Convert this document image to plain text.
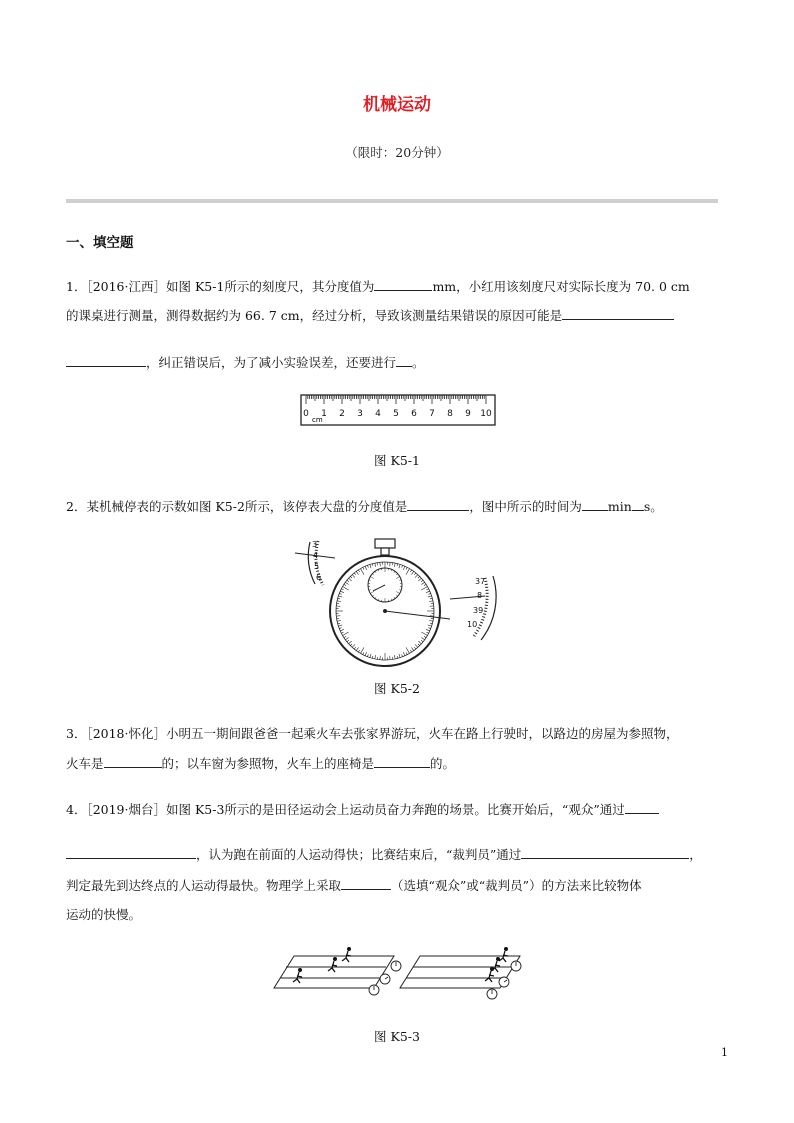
机械运动
（限时：20分钟）
一、填空题
1．［2016·江西］如图 K5-1所示的刻度尺，其分度值为	mm，小红用该刻度尺对实际长度为 70. 0 cm
的课桌进行测量，测得数据约为 66. 7 cm，经过分析，导致该测量结果错误的原因可能是
，纠正错误后，为了减小实验误差，还要进行 。
0 1 2 3 4 5 6 7 8 9 10
cm
图 K5-1
2．某机械停表的示数如图 K5-2所示，该停表大盘的分度值是	，图中所示的时间为 min s。
3
4
5
6	37
8
39
10
图 K5-2
3．［2018·怀化］小明五一期间跟爸爸一起乘火车去张家界游玩，火车在路上行驶时，以路边的房屋为参照物，
火车是	的；以车窗为参照物，火车上的座椅是	的。
4．［2019·烟台］如图 K5-3所示的是田径运动会上运动员奋力奔跑的场景。比赛开始后，“观众”通过
，认为跑在前面的人运动得快；比赛结束后，“裁判员”通过	，
判定最先到达终点的人运动得最快。物理学上采取	（选填“观众”或“裁判员”）的方法来比较物体
运动的快慢。
图 K5-3
1
